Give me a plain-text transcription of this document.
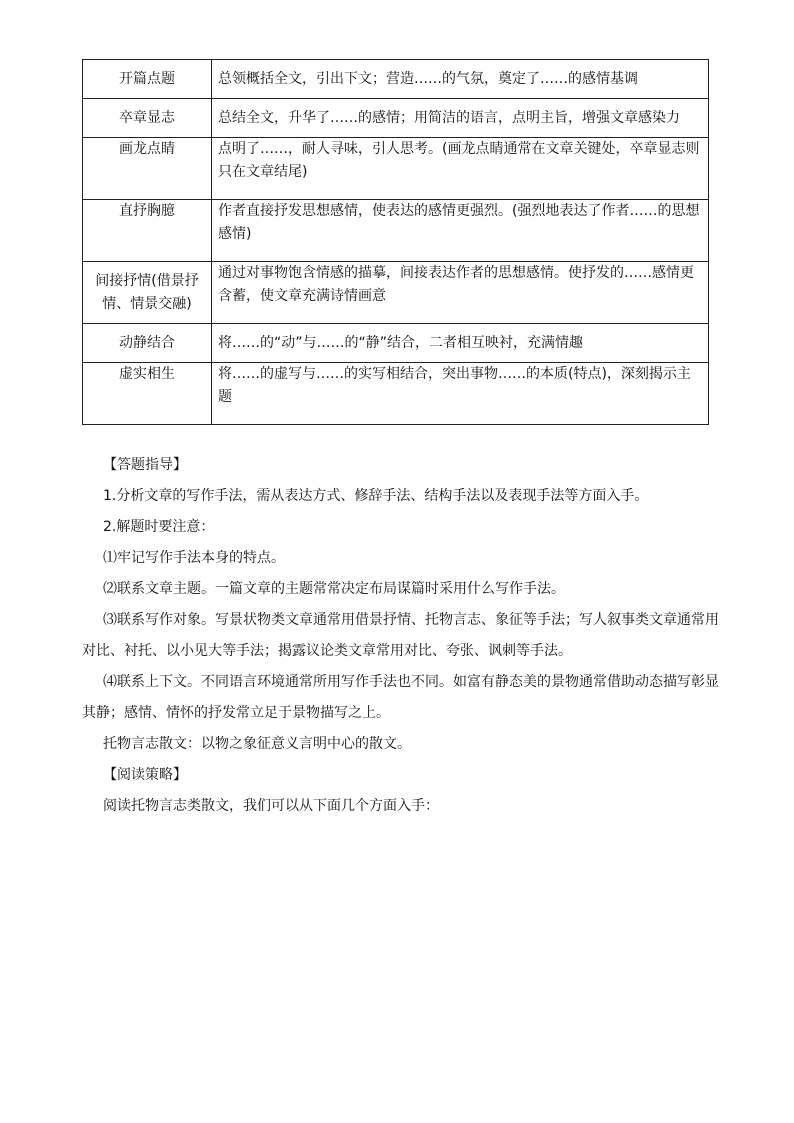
开篇点题	总领概括全文，引出下文；营造……的气氛，奠定了……的感情基调
卒章显志	总结全文，升华了……的感情；用简洁的语言，点明主旨，增强文章感染力
画龙点睛	点明了……，耐人寻味，引人思考。(画龙点睛通常在文章关键处，卒章显志则只在文章结尾)
直抒胸臆	作者直接抒发思想感情，使表达的感情更强烈。(强烈地表达了作者……的思想感情)
间接抒情(借景抒情、情景交融)	通过对事物饱含情感的描摹，间接表达作者的思想感情。使抒发的……感情更含蓄，使文章充满诗情画意
动静结合	将……的“动”与……的“静”结合，二者相互映衬，充满情趣
虚实相生	将……的虚写与……的实写相结合，突出事物……的本质(特点)，深刻揭示主题

【答题指导】

1.分析文章的写作手法，需从表达方式、修辞手法、结构手法以及表现手法等方面入手。

2.解题时要注意：

⑴牢记写作手法本身的特点。

⑵联系文章主题。一篇文章的主题常常决定布局谋篇时采用什么写作手法。

⑶联系写作对象。写景状物类文章通常用借景抒情、托物言志、象征等手法；写人叙事类文章通常用对比、衬托、以小见大等手法；揭露议论类文章常用对比、夸张、讽刺等手法。

⑷联系上下文。不同语言环境通常所用写作手法也不同。如富有静态美的景物通常借助动态描写彰显其静；感情、情怀的抒发常立足于景物描写之上。

托物言志散文：以物之象征意义言明中心的散文。

【阅读策略】

阅读托物言志类散文，我们可以从下面几个方面入手：
